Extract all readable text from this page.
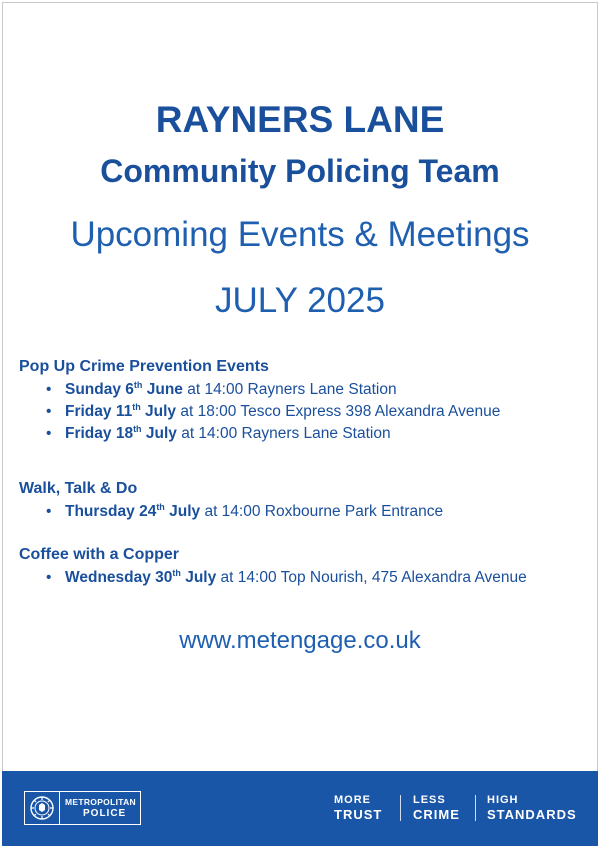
RAYNERS LANE
Community Policing Team
Upcoming Events & Meetings
JULY 2025
Pop Up Crime Prevention Events
• Sunday 6th June at 14:00 Rayners Lane Station
• Friday 11th July at 18:00 Tesco Express 398 Alexandra Avenue
• Friday 18th July at 14:00 Rayners Lane Station
Walk, Talk & Do
• Thursday 24th July at 14:00 Roxbourne Park Entrance
Coffee with a Copper
• Wednesday 30th July at 14:00 Top Nourish, 475 Alexandra Avenue
www.metengage.co.uk
METROPOLITAN
POLICE
MORE
TRUST
LESS
CRIME
HIGH
STANDARDS
